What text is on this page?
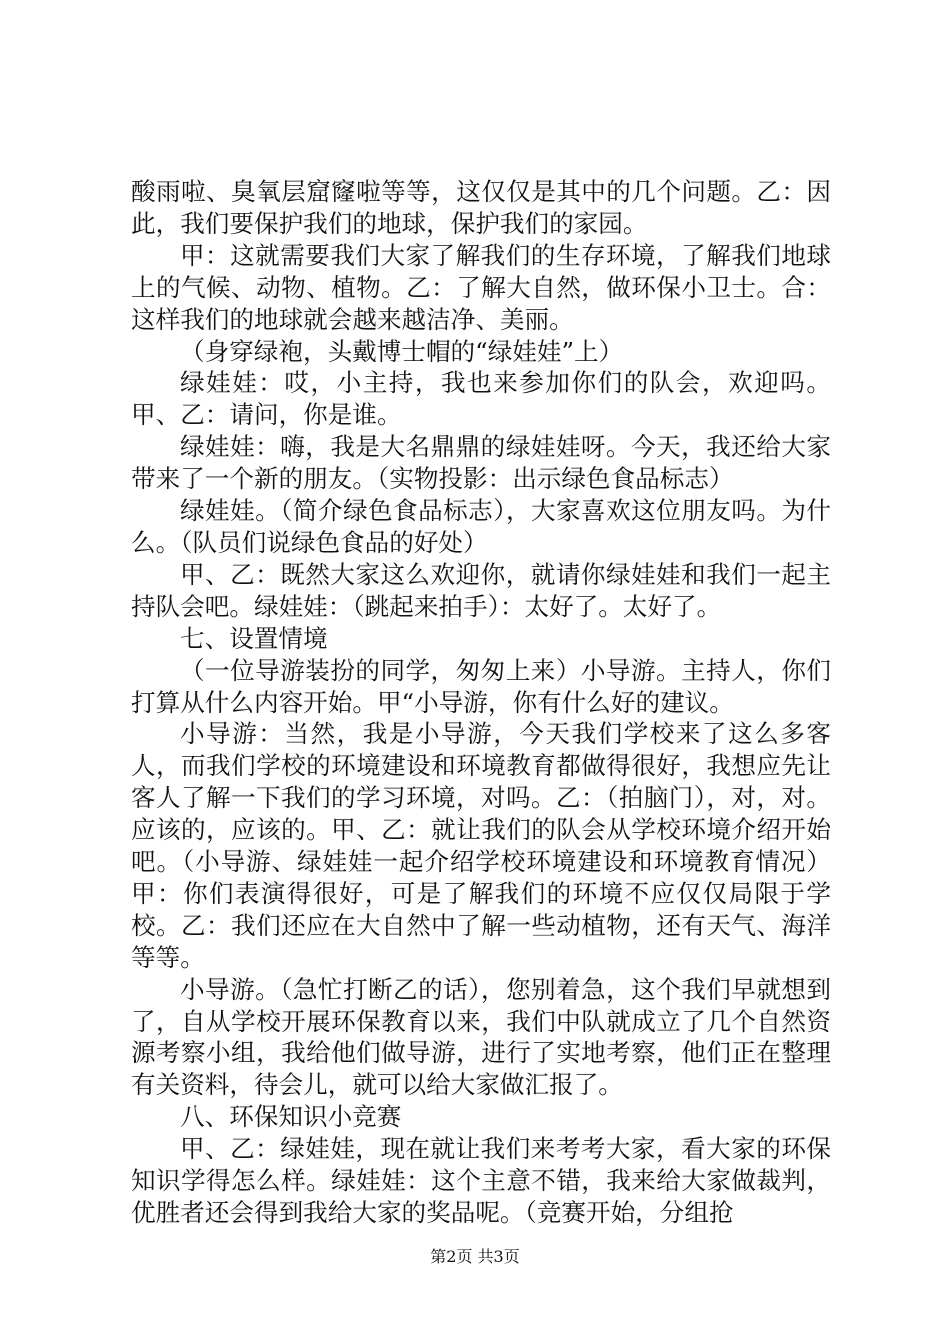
酸雨啦、臭氧层窟窿啦等等，这仅仅是其中的几个问题。乙：因此，我们要保护我们的地球，保护我们的家园。

甲：这就需要我们大家了解我们的生存环境，了解我们地球上的气候、动物、植物。乙：了解大自然，做环保小卫士。合：这样我们的地球就会越来越洁净、美丽。

（身穿绿袍，头戴博士帽的“绿娃娃”上）

绿娃娃：哎，小主持，我也来参加你们的队会，欢迎吗。甲、乙：请问，你是谁。

绿娃娃：嗨，我是大名鼎鼎的绿娃娃呀。今天，我还给大家带来了一个新的朋友。（实物投影：出示绿色食品标志）

绿娃娃。（简介绿色食品标志），大家喜欢这位朋友吗。为什么。（队员们说绿色食品的好处）

甲、乙：既然大家这么欢迎你，就请你绿娃娃和我们一起主持队会吧。绿娃娃：（跳起来拍手）：太好了。太好了。

七、设置情境

（一位导游装扮的同学，匆匆上来）小导游。主持人，你们打算从什么内容开始。甲“小导游，你有什么好的建议。

小导游：当然，我是小导游，今天我们学校来了这么多客人，而我们学校的环境建设和环境教育都做得很好，我想应先让客人了解一下我们的学习环境，对吗。乙：（拍脑门），对，对。应该的，应该的。甲、乙：就让我们的队会从学校环境介绍开始吧。（小导游、绿娃娃一起介绍学校环境建设和环境教育情况）甲：你们表演得很好，可是了解我们的环境不应仅仅局限于学校。乙：我们还应在大自然中了解一些动植物，还有天气、海洋等等。

小导游。（急忙打断乙的话），您别着急，这个我们早就想到了，自从学校开展环保教育以来，我们中队就成立了几个自然资源考察小组，我给他们做导游，进行了实地考察，他们正在整理有关资料，待会儿，就可以给大家做汇报了。

八、环保知识小竞赛

甲、乙：绿娃娃，现在就让我们来考考大家，看大家的环保知识学得怎么样。绿娃娃：这个主意不错，我来给大家做裁判，优胜者还会得到我给大家的奖品呢。（竞赛开始，分组抢

第2页 共3页
